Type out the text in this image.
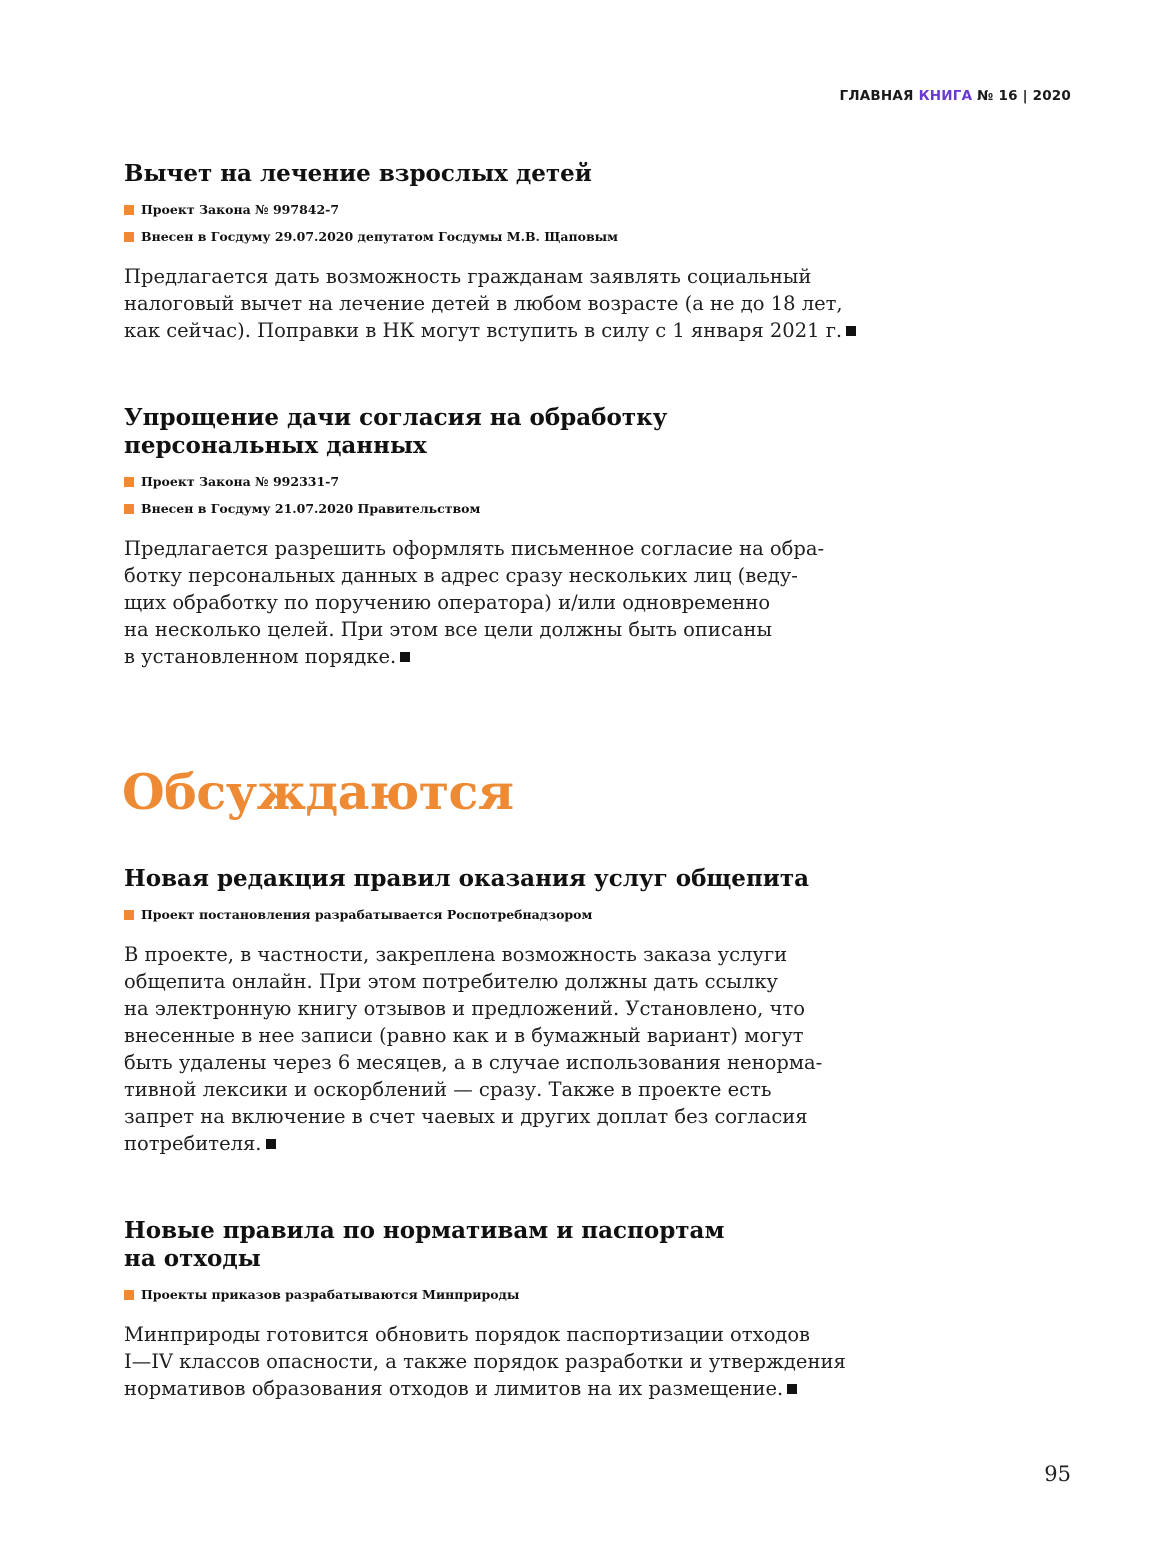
ГЛАВНАЯ КНИГА № 16 | 2020
Вычет на лечение взрослых детей
Проект Закона № 997842-7
Внесен в Госдуму 29.07.2020 депутатом Госдумы М.В. Щаповым

Предлагается дать возможность гражданам заявлять социальный

налоговый вычет на лечение детей в любом возрасте (а не до 18 лет,

как сейчас). Поправки в НК могут вступить в силу с 1 января 2021 г.

Упрощение дачи согласия на обработку
персональных данных
Проект Закона № 992331-7
Внесен в Госдуму 21.07.2020 Правительством

Предлагается разрешить оформлять письменное согласие на обра-

ботку персональных данных в адрес сразу нескольких лиц (веду-

щих обработку по поручению оператора) и/или одновременно

на несколько целей. При этом все цели должны быть описаны

в установленном порядке.

Обсуждаются
Новая редакция правил оказания услуг общепита
Проект постановления разрабатывается Роспотребнадзором

В проекте, в частности, закреплена возможность заказа услуги

общепита онлайн. При этом потребителю должны дать ссылку

на электронную книгу отзывов и предложений. Установлено, что

внесенные в нее записи (равно как и в бумажный вариант) могут

быть удалены через 6 месяцев, а в случае использования ненорма-

тивной лексики и оскорблений — сразу. Также в проекте есть

запрет на включение в счет чаевых и других доплат без согласия

потребителя.

Новые правила по нормативам и паспортам
на отходы
Проекты приказов разрабатываются Минприроды

Минприроды готовится обновить порядок паспортизации отходов

I—IV классов опасности, а также порядок разработки и утверждения

нормативов образования отходов и лимитов на их размещение.

95
